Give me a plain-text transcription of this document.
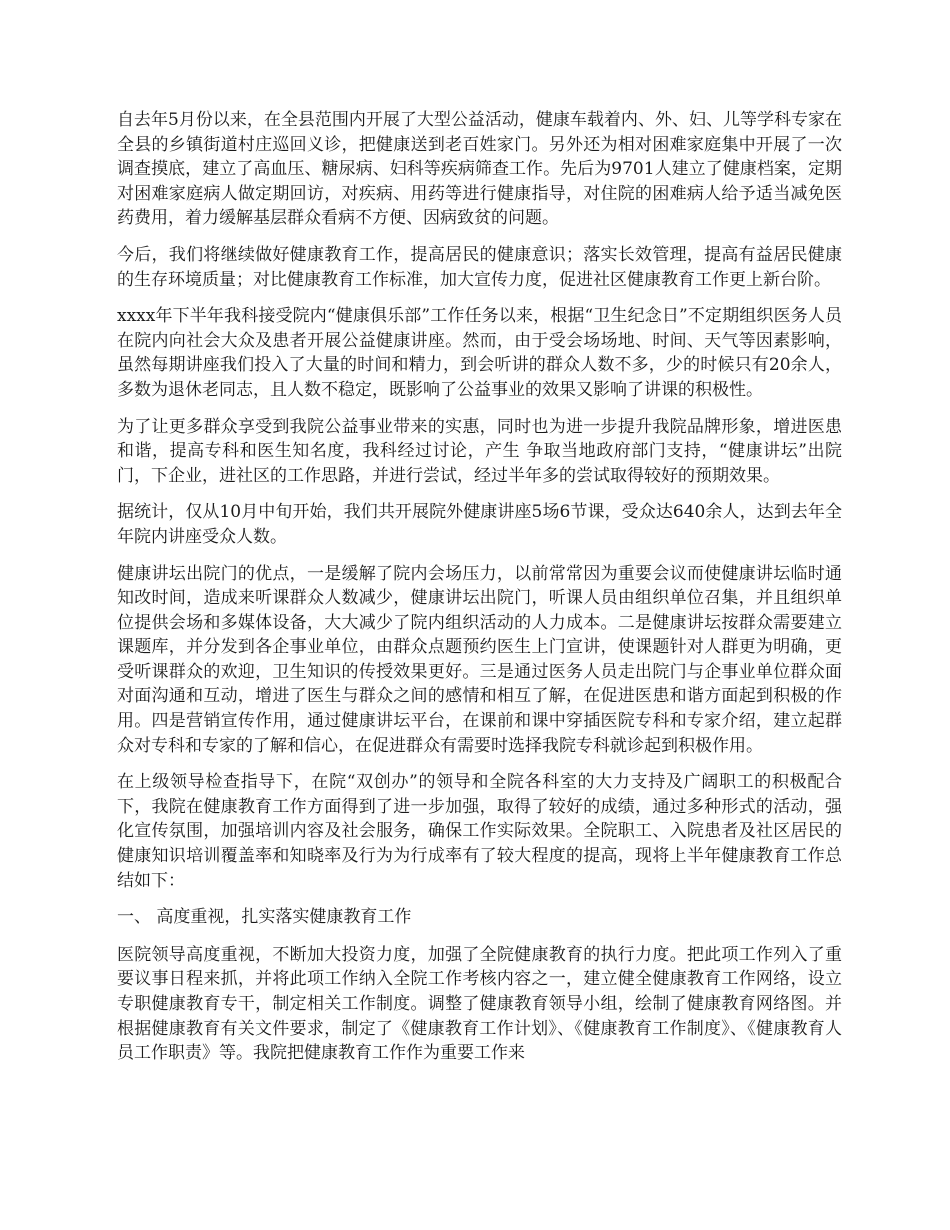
自去年5月份以来，在全县范围内开展了大型公益活动，健康车载着内、外、妇、儿等学科专家在全县的乡镇街道村庄巡回义诊，把健康送到老百姓家门。另外还为相对困难家庭集中开展了一次调查摸底，建立了高血压、糖尿病、妇科等疾病筛查工作。先后为9701人建立了健康档案，定期对困难家庭病人做定期回访，对疾病、用药等进行健康指导，对住院的困难病人给予适当减免医药费用，着力缓解基层群众看病不方便、因病致贫的问题。

今后，我们将继续做好健康教育工作，提高居民的健康意识；落实长效管理，提高有益居民健康的生存环境质量；对比健康教育工作标准，加大宣传力度，促进社区健康教育工作更上新台阶。

xxxx年下半年我科接受院内“健康俱乐部”工作任务以来，根据“卫生纪念日”不定期组织医务人员在院内向社会大众及患者开展公益健康讲座。然而，由于受会场场地、时间、天气等因素影响，虽然每期讲座我们投入了大量的时间和精力，到会听讲的群众人数不多，少的时候只有20余人，多数为退休老同志，且人数不稳定，既影响了公益事业的效果又影响了讲课的积极性。

为了让更多群众享受到我院公益事业带来的实惠，同时也为进一步提升我院品牌形象，增进医患和谐，提高专科和医生知名度，我科经过讨论，产生 争取当地政府部门支持，“健康讲坛”出院门，下企业，进社区的工作思路，并进行尝试，经过半年多的尝试取得较好的预期效果。

据统计，仅从10月中旬开始，我们共开展院外健康讲座5场6节课，受众达640余人，达到去年全年院内讲座受众人数。

健康讲坛出院门的优点，一是缓解了院内会场压力，以前常常因为重要会议而使健康讲坛临时通知改时间，造成来听课群众人数减少，健康讲坛出院门，听课人员由组织单位召集，并且组织单位提供会场和多媒体设备，大大减少了院内组织活动的人力成本。二是健康讲坛按群众需要建立课题库，并分发到各企事业单位，由群众点题预约医生上门宣讲，使课题针对人群更为明确，更受听课群众的欢迎，卫生知识的传授效果更好。三是通过医务人员走出院门与企事业单位群众面对面沟通和互动，增进了医生与群众之间的感情和相互了解，在促进医患和谐方面起到积极的作用。四是营销宣传作用，通过健康讲坛平台，在课前和课中穿插医院专科和专家介绍，建立起群众对专科和专家的了解和信心，在促进群众有需要时选择我院专科就诊起到积极作用。

在上级领导检查指导下，在院“双创办”的领导和全院各科室的大力支持及广阔职工的积极配合下，我院在健康教育工作方面得到了进一步加强，取得了较好的成绩，通过多种形式的活动，强化宣传氛围，加强培训内容及社会服务，确保工作实际效果。全院职工、入院患者及社区居民的健康知识培训覆盖率和知晓率及行为为行成率有了较大程度的提高，现将上半年健康教育工作总结如下：

一、 高度重视，扎实落实健康教育工作

医院领导高度重视，不断加大投资力度，加强了全院健康教育的执行力度。把此项工作列入了重要议事日程来抓，并将此项工作纳入全院工作考核内容之一，建立健全健康教育工作网络，设立专职健康教育专干，制定相关工作制度。调整了健康教育领导小组，绘制了健康教育网络图。并根据健康教育有关文件要求，制定了《健康教育工作计划》、《健康教育工作制度》、《健康教育人员工作职责》等。我院把健康教育工作作为重要工作来
